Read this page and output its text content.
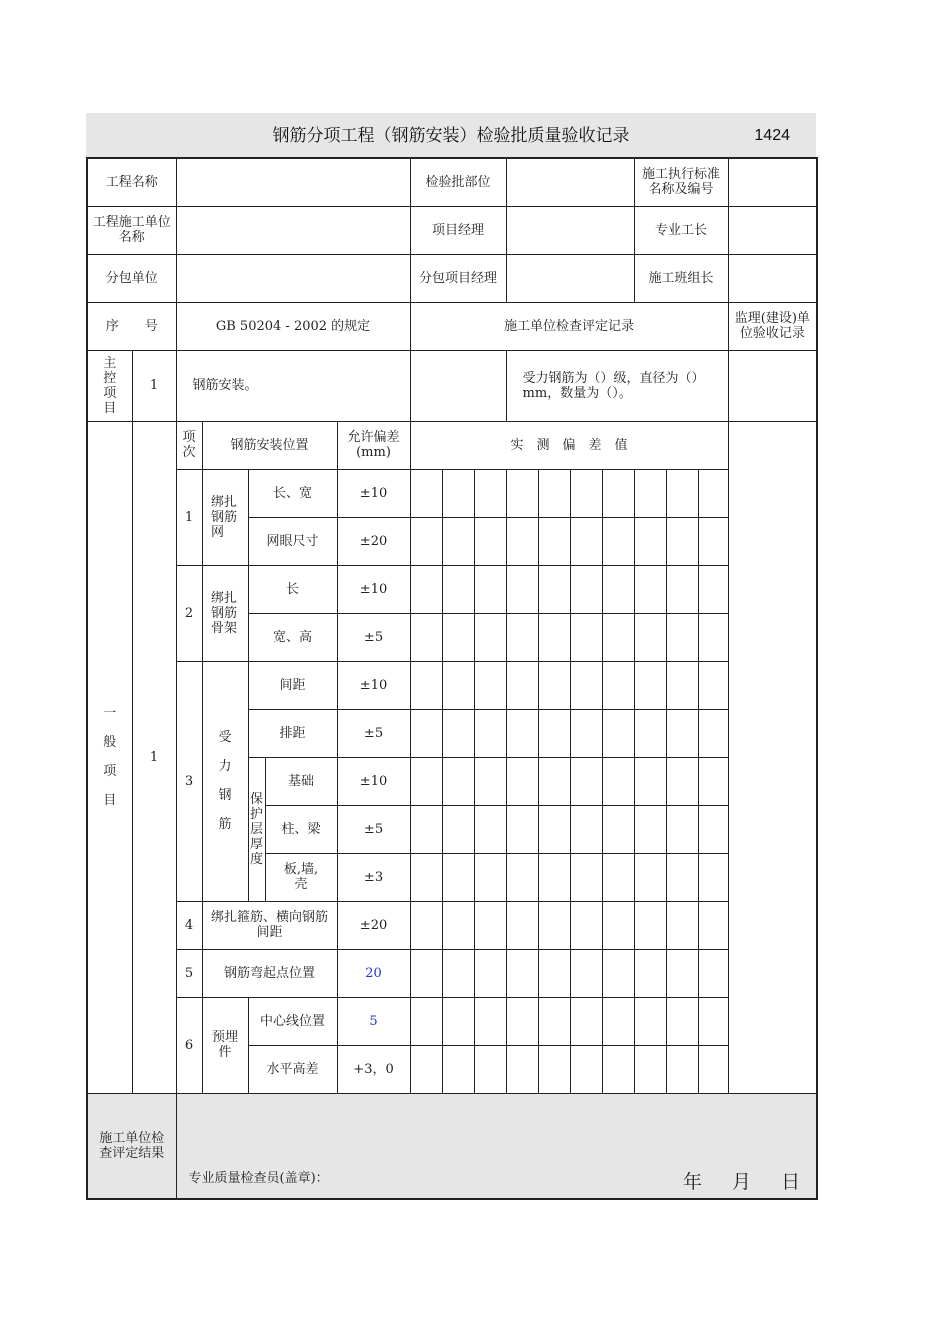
钢筋分项工程（钢筋安装）检验批质量验收记录	1424
工程名称							检验批部位							施工执行标准名称及编号			
工程施工单位名称							项目经理							专业工长			
分包单位							分包项目经理							施工班组长			
序　　号		GB 50204 - 2002 的规定					施工单位检查评定记录										监理(建设)单位验收记录

主控项目	1	钢筋安装。								受力钢筋为（）级，直径为（）mm，数量为（）。							

一般项目	1	项次	钢筋安装位置			允许偏差(mm)	实　测　偏　差　值										
		1	绑扎钢筋网	长、宽		±10											
				网眼尺寸		±20											
		2	绑扎钢筋骨架	长		±10											
				宽、高		±5											
		3	受力钢筋	间距		±10											
				排距		±5											

				保护层厚度	基础	±10											
					柱、梁	±5											

					板,墙,壳	±3											
		4	绑扎箍筋、横向钢筋间距			±20											
		5	钢筋弯起点位置			20											
		6	预埋件	中心线位置		5											
				水平高差		+3，0											

施工单位检查评定结果		专业质量检查员(盖章)： 年 月 日															
